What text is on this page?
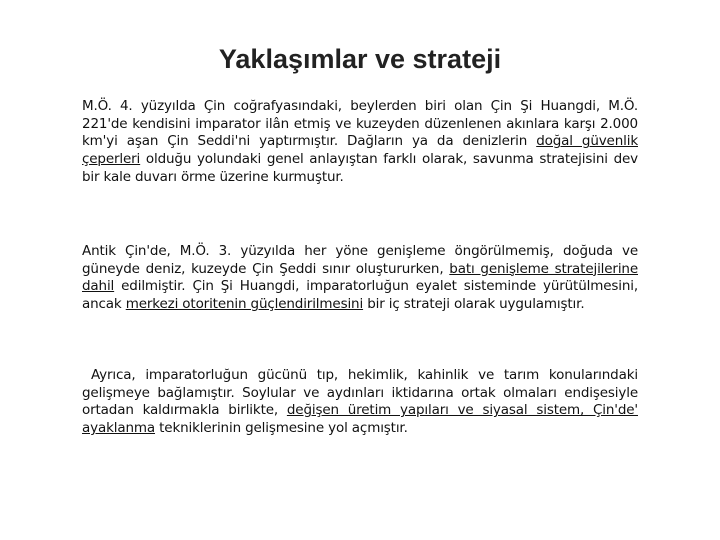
Yaklaşımlar ve strateji

M.Ö. 4. yüzyılda Çin coğrafyasındaki, beylerden biri olan Çin Şi Huangdi, M.Ö. 221'de kendisini imparator ilân etmiş ve kuzeyden düzenlenen akınlara karşı 2.000 km'yi aşan Çin Seddi'ni yaptırmıştır. Dağların ya da denizlerin doğal güvenlik çeperleri olduğu yolundaki genel anlayıştan farklı olarak, savunma stratejisini dev bir kale duvarı örme üzerine kurmuştur.

Antik Çin'de, M.Ö. 3. yüzyılda her yöne genişleme öngörülmemiş, doğuda ve güneyde deniz, kuzeyde Çin Şeddi sınır oluştururken, batı genişleme stratejilerine dahil edilmiştir. Çin Şi Huangdi, imparatorluğun eyalet sisteminde yürütülmesini, ancak merkezi otoritenin güçlendirilmesini bir iç strateji olarak uygulamıştır.

Ayrıca, imparatorluğun gücünü tıp, hekimlik, kahinlik ve tarım konularındaki gelişmeye bağlamıştır. Soylular ve aydınları iktidarına ortak olmaları endişesiyle ortadan kaldırmakla birlikte, değişen üretim yapıları ve siyasal sistem, Çin'de' ayaklanma tekniklerinin gelişmesine yol açmıştır.
